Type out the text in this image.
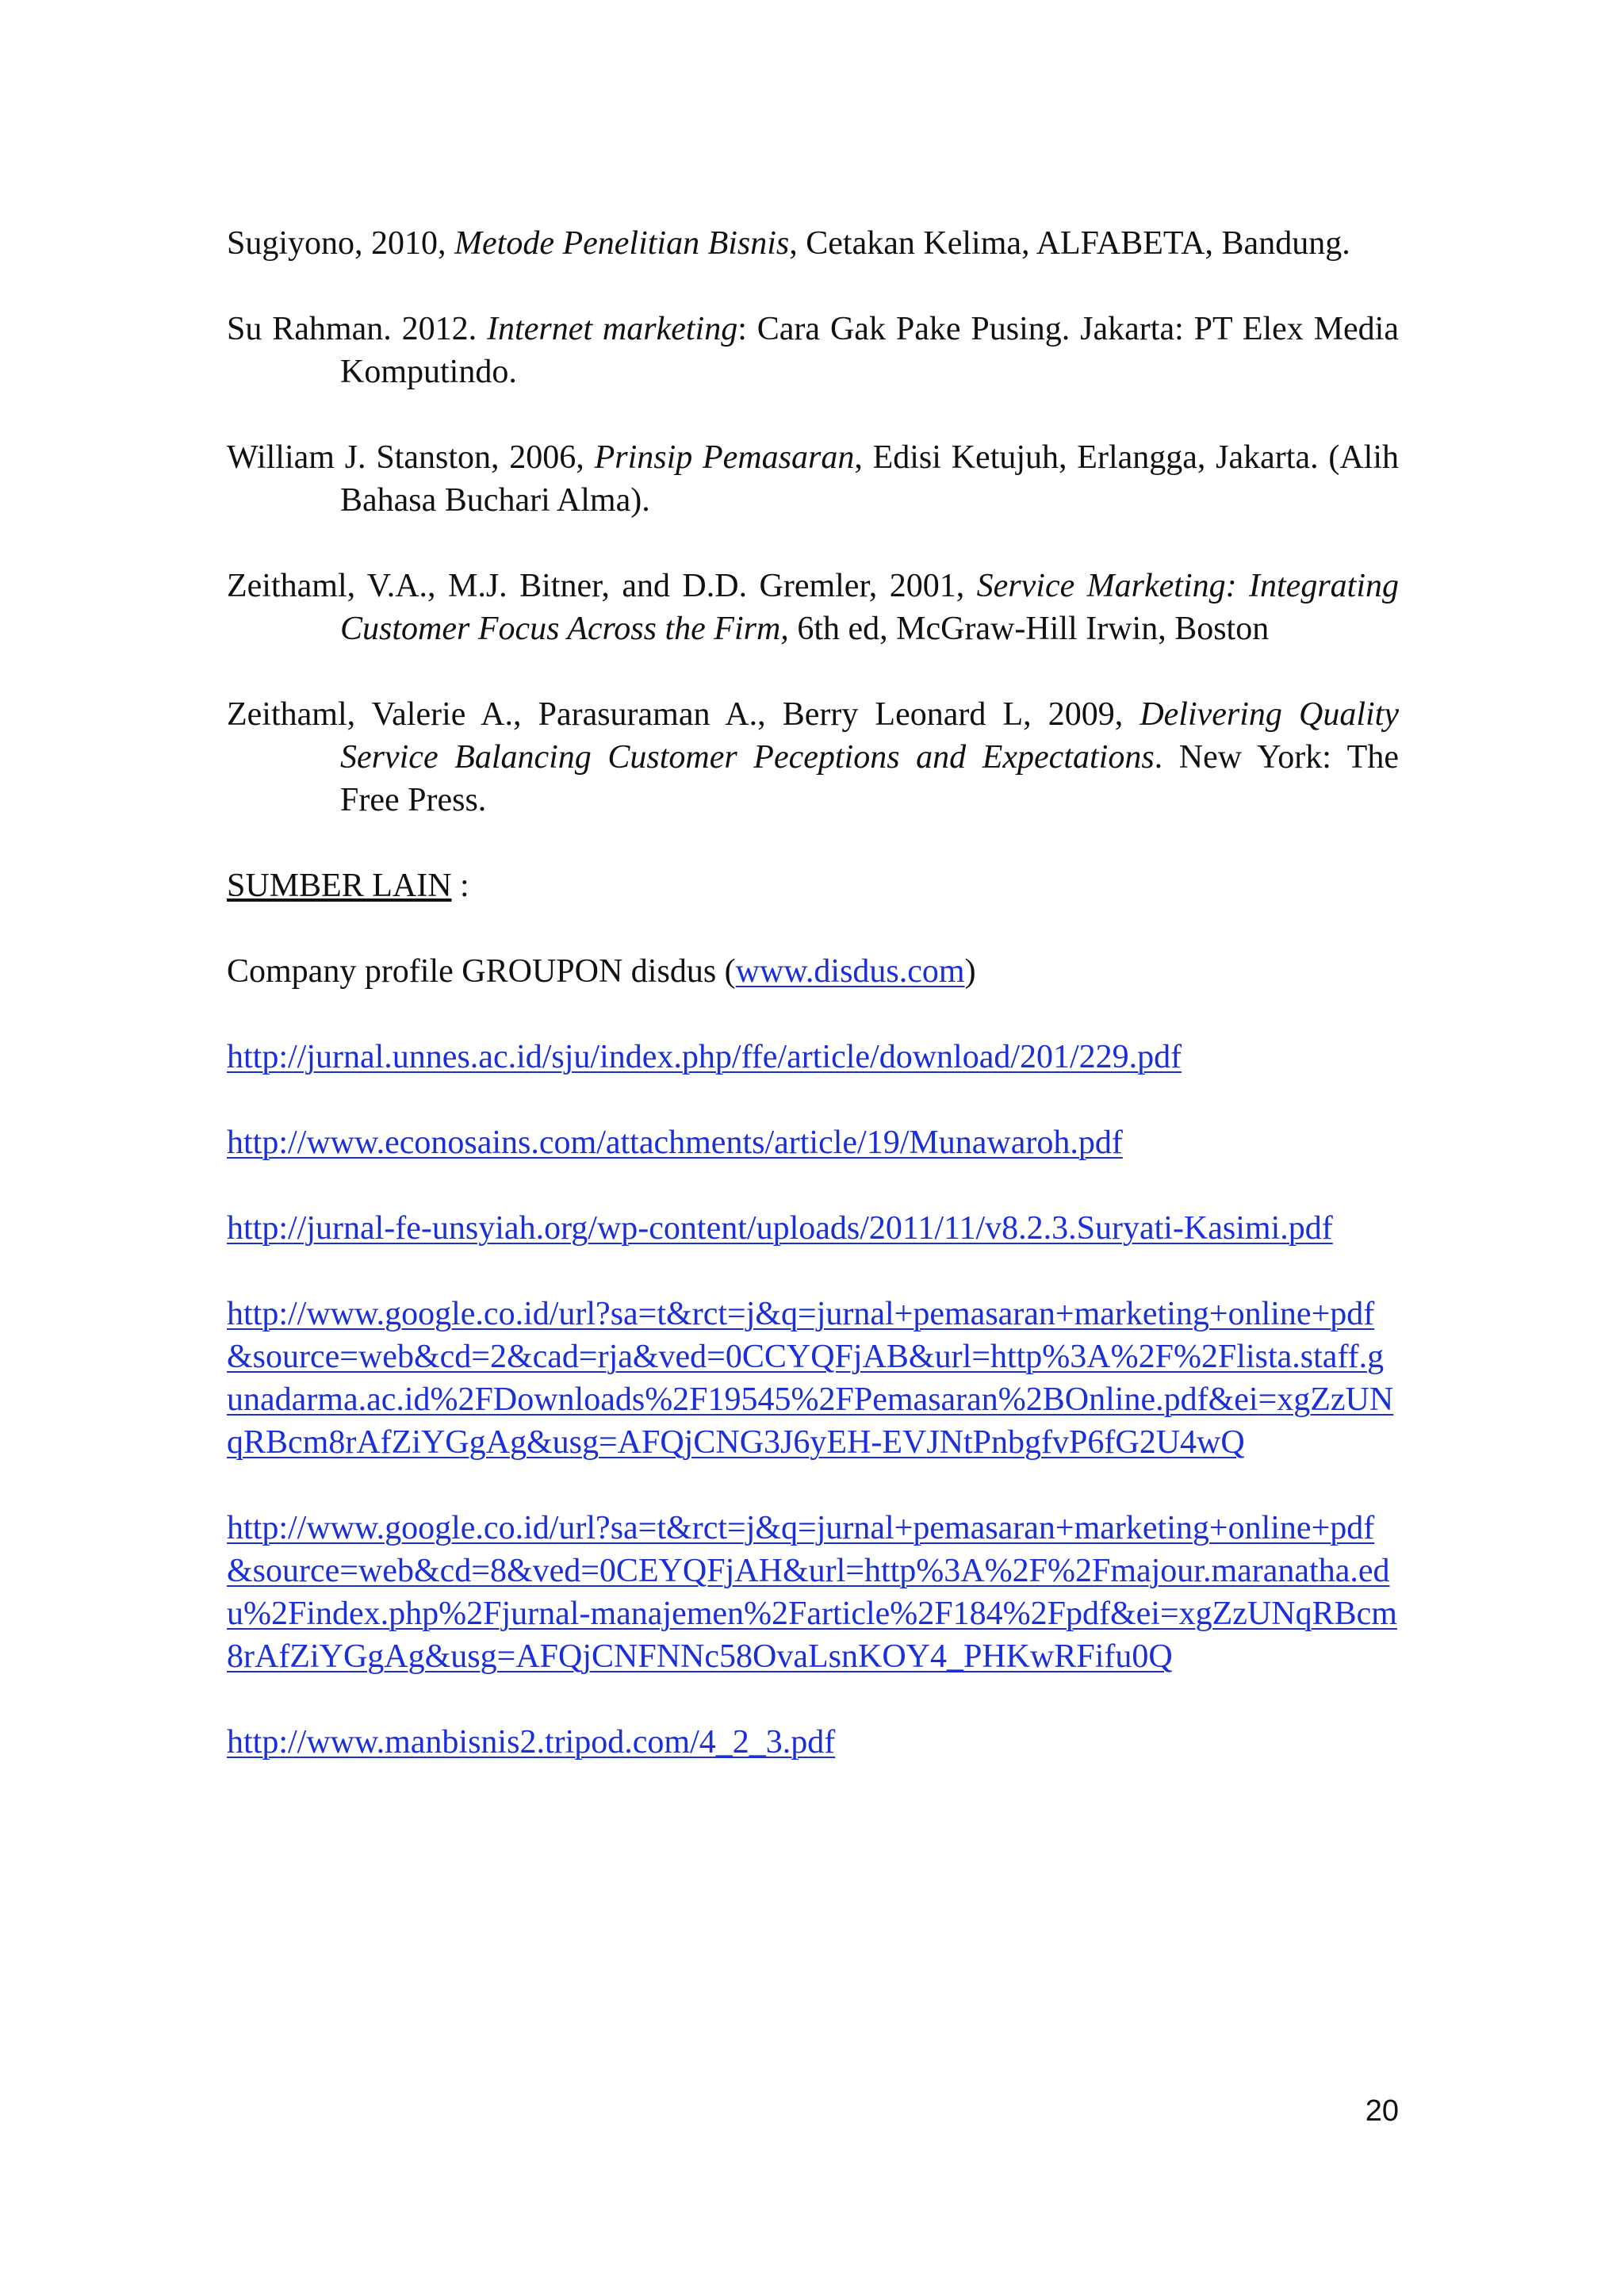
Sugiyono, 2010, Metode Penelitian Bisnis, Cetakan Kelima, ALFABETA, Bandung.

Su Rahman. 2012. Internet marketing: Cara Gak Pake Pusing. Jakarta: PT Elex Media Komputindo.

William J. Stanston, 2006, Prinsip Pemasaran, Edisi Ketujuh, Erlangga, Jakarta. (Alih Bahasa Buchari Alma).

Zeithaml, V.A., M.J. Bitner, and D.D. Gremler, 2001, Service Marketing: Integrating Customer Focus Across the Firm, 6th ed, McGraw-Hill Irwin, Boston

Zeithaml, Valerie A., Parasuraman A., Berry Leonard L, 2009, Delivering Quality Service Balancing Customer Peceptions and Expectations. New York: The Free Press.

SUMBER LAIN :

Company profile GROUPON disdus (www.disdus.com)

http://jurnal.unnes.ac.id/sju/index.php/ffe/article/download/201/229.pdf

http://www.econosains.com/attachments/article/19/Munawaroh.pdf

http://jurnal-fe-unsyiah.org/wp-content/uploads/2011/11/v8.2.3.Suryati-Kasimi.pdf

http://www.google.co.id/url?sa=t&rct=j&q=jurnal+pemasaran+marketing+online+pdf&source=web&cd=2&cad=rja&ved=0CCYQFjAB&url=http%3A%2F%2Flista.staff.gunadarma.ac.id%2FDownloads%2F19545%2FPemasaran%2BOnline.pdf&ei=xgZzUNqRBcm8rAfZiYGgAg&usg=AFQjCNG3J6yEH-EVJNtPnbgfvP6fG2U4wQ

http://www.google.co.id/url?sa=t&rct=j&q=jurnal+pemasaran+marketing+online+pdf&source=web&cd=8&ved=0CEYQFjAH&url=http%3A%2F%2Fmajour.maranatha.edu%2Findex.php%2Fjurnal-manajemen%2Farticle%2F184%2Fpdf&ei=xgZzUNqRBcm8rAfZiYGgAg&usg=AFQjCNFNNc58OvaLsnKOY4_PHKwRFifu0Q

http://www.manbisnis2.tripod.com/4_2_3.pdf

20
